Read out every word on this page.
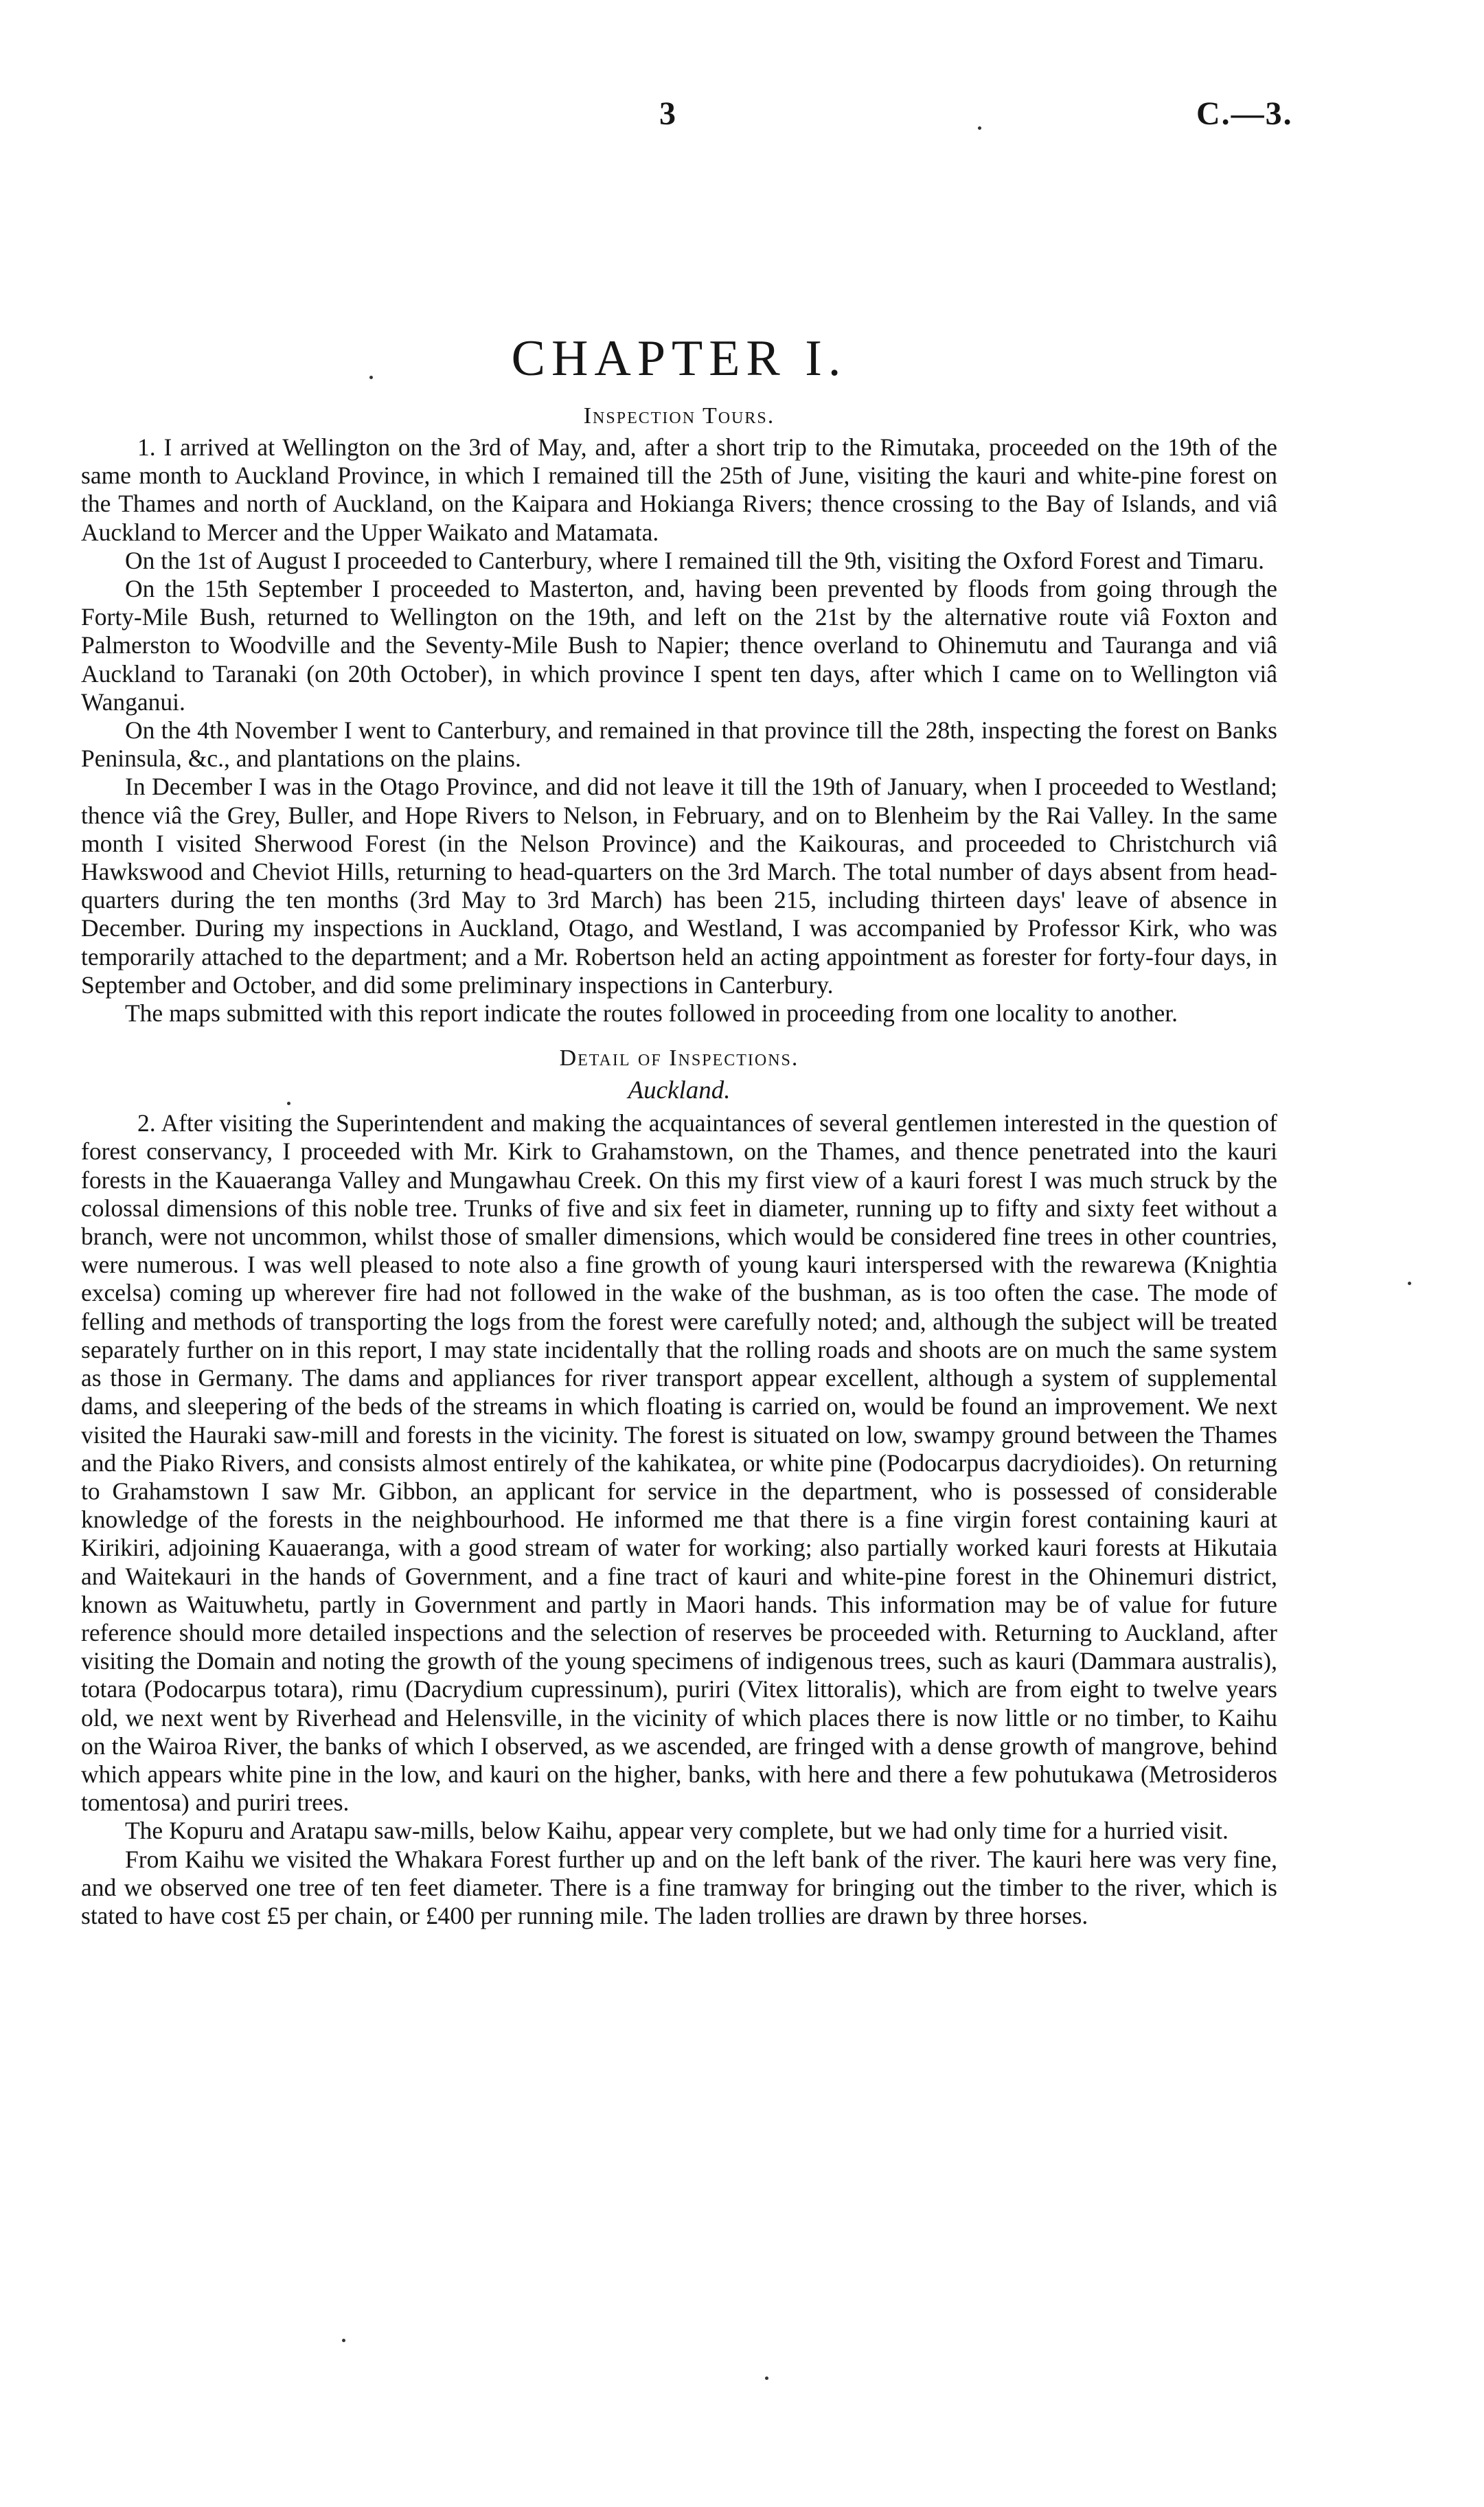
3	C.—3.
CHAPTER I.
Inspection Tours.

1. I arrived at Wellington on the 3rd of May, and, after a short trip to the Rimutaka, proceeded on the 19th of the same month to Auckland Province, in which I remained till the 25th of June, visiting the kauri and white-pine forest on the Thames and north of Auckland, on the Kaipara and Hokianga Rivers; thence crossing to the Bay of Islands, and viâ Auckland to Mercer and the Upper Waikato and Matamata.

On the 1st of August I proceeded to Canterbury, where I remained till the 9th, visiting the Oxford Forest and Timaru.

On the 15th September I proceeded to Masterton, and, having been prevented by floods from going through the Forty-Mile Bush, returned to Wellington on the 19th, and left on the 21st by the alternative route viâ Foxton and Palmerston to Woodville and the Seventy-Mile Bush to Napier; thence overland to Ohinemutu and Tauranga and viâ Auckland to Taranaki (on 20th October), in which province I spent ten days, after which I came on to Wellington viâ Wanganui.

On the 4th November I went to Canterbury, and remained in that province till the 28th, inspecting the forest on Banks Peninsula, &c., and plantations on the plains.

In December I was in the Otago Province, and did not leave it till the 19th of January, when I proceeded to Westland; thence viâ the Grey, Buller, and Hope Rivers to Nelson, in February, and on to Blenheim by the Rai Valley. In the same month I visited Sherwood Forest (in the Nelson Province) and the Kaikouras, and proceeded to Christchurch viâ Hawkswood and Cheviot Hills, returning to head-quarters on the 3rd March. The total number of days absent from head-quarters during the ten months (3rd May to 3rd March) has been 215, including thirteen days' leave of absence in December. During my inspections in Auckland, Otago, and Westland, I was accompanied by Professor Kirk, who was temporarily attached to the department; and a Mr. Robertson held an acting appointment as forester for forty-four days, in September and October, and did some preliminary inspections in Canterbury.

The maps submitted with this report indicate the routes followed in proceeding from one locality to another.

Detail of Inspections.
Auckland.

2. After visiting the Superintendent and making the acquaintances of several gentlemen interested in the question of forest conservancy, I proceeded with Mr. Kirk to Grahamstown, on the Thames, and thence penetrated into the kauri forests in the Kauaeranga Valley and Mungawhau Creek. On this my first view of a kauri forest I was much struck by the colossal dimensions of this noble tree. Trunks of five and six feet in diameter, running up to fifty and sixty feet without a branch, were not uncommon, whilst those of smaller dimensions, which would be considered fine trees in other countries, were numerous. I was well pleased to note also a fine growth of young kauri interspersed with the rewarewa (Knightia excelsa) coming up wherever fire had not followed in the wake of the bushman, as is too often the case. The mode of felling and methods of transporting the logs from the forest were carefully noted; and, although the subject will be treated separately further on in this report, I may state incidentally that the rolling roads and shoots are on much the same system as those in Germany. The dams and appliances for river transport appear excellent, although a system of supplemental dams, and sleepering of the beds of the streams in which floating is carried on, would be found an improvement. We next visited the Hauraki saw-mill and forests in the vicinity. The forest is situated on low, swampy ground between the Thames and the Piako Rivers, and consists almost entirely of the kahikatea, or white pine (Podocarpus dacrydioides). On returning to Grahamstown I saw Mr. Gibbon, an applicant for service in the department, who is possessed of considerable knowledge of the forests in the neighbourhood. He informed me that there is a fine virgin forest containing kauri at Kirikiri, adjoining Kauaeranga, with a good stream of water for working; also partially worked kauri forests at Hikutaia and Waitekauri in the hands of Government, and a fine tract of kauri and white-pine forest in the Ohinemuri district, known as Waituwhetu, partly in Government and partly in Maori hands. This information may be of value for future reference should more detailed inspections and the selection of reserves be proceeded with. Returning to Auckland, after visiting the Domain and noting the growth of the young specimens of indigenous trees, such as kauri (Dammara australis), totara (Podocarpus totara), rimu (Dacrydium cupressinum), puriri (Vitex littoralis), which are from eight to twelve years old, we next went by Riverhead and Helensville, in the vicinity of which places there is now little or no timber, to Kaihu on the Wairoa River, the banks of which I observed, as we ascended, are fringed with a dense growth of mangrove, behind which appears white pine in the low, and kauri on the higher, banks, with here and there a few pohutukawa (Metrosideros tomentosa) and puriri trees.

The Kopuru and Aratapu saw-mills, below Kaihu, appear very complete, but we had only time for a hurried visit.

From Kaihu we visited the Whakara Forest further up and on the left bank of the river. The kauri here was very fine, and we observed one tree of ten feet diameter. There is a fine tramway for bringing out the timber to the river, which is stated to have cost £5 per chain, or £400 per running mile. The laden trollies are drawn by three horses.
